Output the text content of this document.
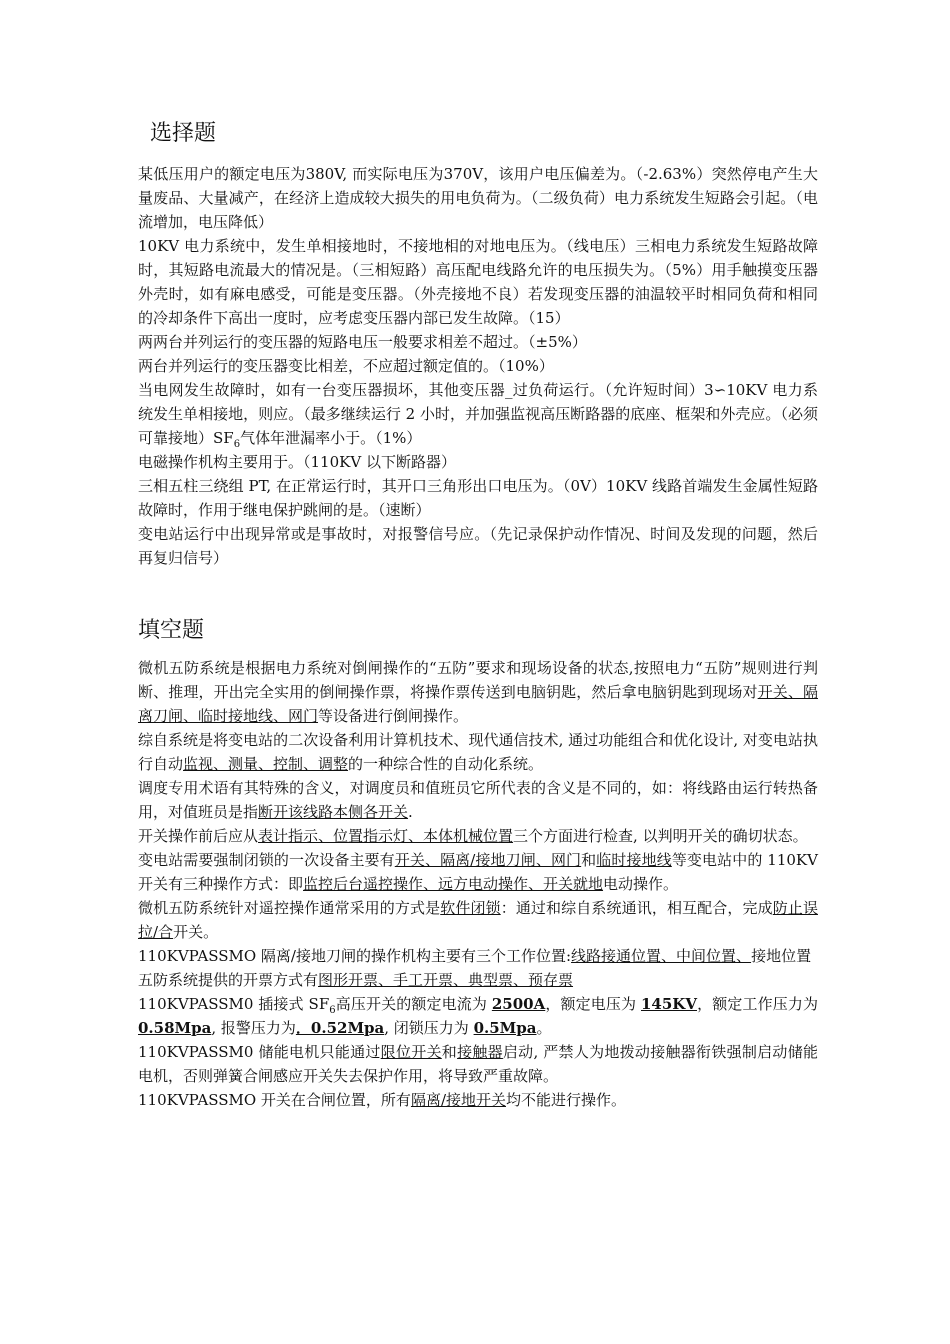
选择题

某低压用户的额定电压为380V, 而实际电压为370V，该用户电压偏差为。（-2.63%）突然停电产生大量废品、大量减产，在经济上造成较大损失的用电负荷为。（二级负荷）电力系统发生短路会引起。（电流增加，电压降低）

10KV 电力系统中，发生单相接地时，不接地相的对地电压为。（线电压）三相电力系统发生短路故障时，其短路电流最大的情况是。（三相短路）高压配电线路允许的电压损失为。（5%）用手触摸变压器外壳时，如有麻电感受，可能是变压器。（外壳接地不良）若发现变压器的油温较平时相同负荷和相同的冷却条件下高出一度时，应考虑变压器内部已发生故障。（15）

两两台并列运行的变压器的短路电压一般要求相差不超过。（±5%）

两台并列运行的变压器变比相差，不应超过额定值的。（10%）

当电网发生故障时，如有一台变压器损坏，其他变压器_过负荷运行。（允许短时间）3∽10KV 电力系统发生单相接地，则应。（最多继续运行 2 小时，并加强监视高压断路器的底座、框架和外壳应。（必须可靠接地）$SF_6$气体年泄漏率小于。（1%）

电磁操作机构主要用于。（110KV 以下断路器）

三相五柱三绕组 PT, 在正常运行时，其开口三角形出口电压为。（0V）10KV 线路首端发生金属性短路故障时，作用于继电保护跳闸的是。（速断）

变电站运行中出现异常或是事故时，对报警信号应。（先记录保护动作情况、时间及发现的问题，然后再复归信号）

填空题

微机五防系统是根据电力系统对倒闸操作的“五防”要求和现场设备的状态,按照电力“五防”规则进行判断、推理，开出完全实用的倒闸操作票，将操作票传送到电脑钥匙，然后拿电脑钥匙到现场对开关、隔离刀闸、临时接地线、网门等设备进行倒闸操作。

综自系统是将变电站的二次设备利用计算机技术、现代通信技术, 通过功能组合和优化设计, 对变电站执行自动监视、测量、控制、调整的一种综合性的自动化系统。

调度专用术语有其特殊的含义，对调度员和值班员它所代表的含义是不同的，如：将线路由运行转热备用，对值班员是指断开该线路本侧各开关.

开关操作前后应从表计指示、位置指示灯、本体机械位置三个方面进行检查, 以判明开关的确切状态。

变电站需要强制闭锁的一次设备主要有开关、隔离/接地刀闸、网门和临时接地线等变电站中的 110KV 开关有三种操作方式：即监控后台遥控操作、远方电动操作、开关就地电动操作。

微机五防系统针对遥控操作通常采用的方式是软件闭锁：通过和综自系统通讯，相互配合，完成防止误拉/合开关。

110KVPASSMO 隔离/接地刀闸的操作机构主要有三个工作位置:线路接通位置、中间位置、接地位置

五防系统提供的开票方式有图形开票、手工开票、典型票、预存票

110KVPASSM0 插接式 $SF_6$高压开关的额定电流为 2500A，额定电压为 145KV，额定工作压力为 0.58Mpa, 报警压力为．0.52Mpa, 闭锁压力为 0.5Mpa。

110KVPASSM0 储能电机只能通过限位开关和接触器启动, 严禁人为地拨动接触器衔铁强制启动储能电机，否则弹簧合闸感应开关失去保护作用，将导致严重故障。

110KVPASSMO 开关在合闸位置，所有隔离/接地开关均不能进行操作。
